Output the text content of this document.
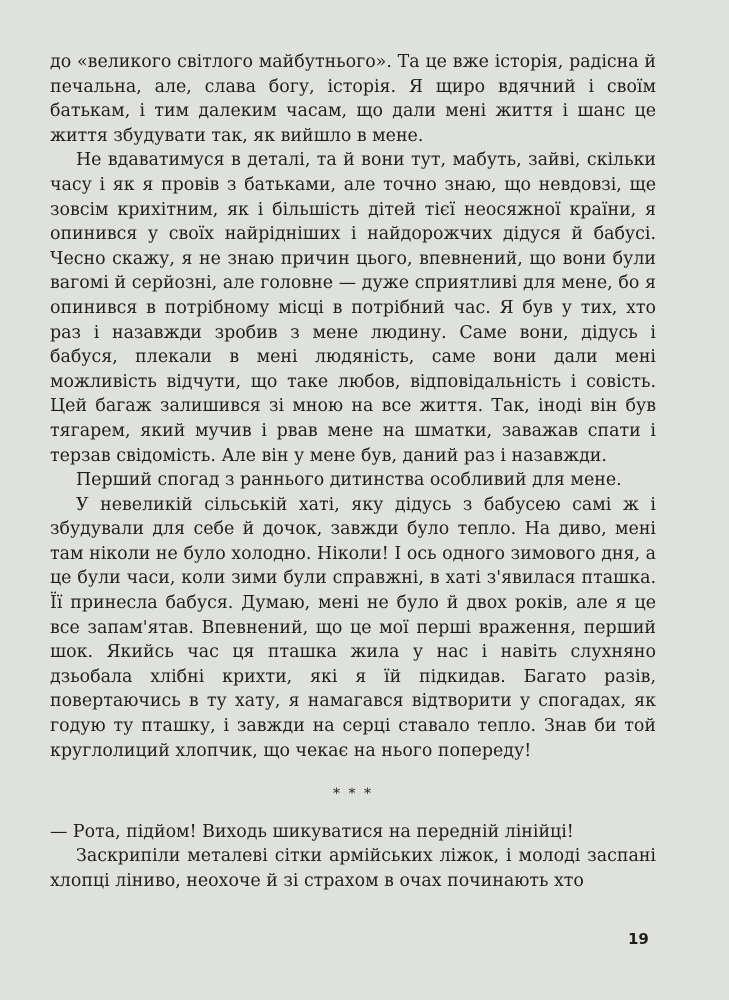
до «великого світлого майбутнього». Та це вже історія, радісна й печальна, але, слава богу, історія. Я щиро вдячний і своїм батькам, і тим далеким часам, що дали мені життя і шанс це життя збудувати так, як вийшло в мене.

Не вдаватимуся в деталі, та й вони тут, мабуть, зайві, скільки часу і як я провів з батьками, але точно знаю, що невдовзі, ще зовсім крихітним, як і більшість дітей тієї неосяжної країни, я опинився у своїх найрідніших і найдорожчих дідуся й бабусі. Чесно скажу, я не знаю причин цього, впевнений, що вони були вагомі й серйозні, але головне — дуже сприятливі для мене, бо я опинився в потрібному місці в потрібний час. Я був у тих, хто раз і назавжди зробив з мене людину. Саме вони, дідусь і бабуся, плекали в мені людяність, саме вони дали мені можливість відчути, що таке любов, відповідальність і совість. Цей багаж залишився зі мною на все життя. Так, іноді він був тягарем, який мучив і рвав мене на шматки, заважав спати і терзав свідомість. Але він у мене був, даний раз і назавжди.

Перший спогад з раннього дитинства особливий для мене.

У невеликій сільській хаті, яку дідусь з бабусею самі ж і збудували для себе й дочок, завжди було тепло. На диво, мені там ніколи не було холодно. Ніколи! І ось одного зимового дня, а це були часи, коли зими були справжні, в хаті з'явилася пташка. Її принесла бабуся. Думаю, мені не було й двох років, але я це все запам'ятав. Впевнений, що це мої перші враження, перший шок. Якийсь час ця пташка жила у нас і навіть слухняно дзьобала хлібні крихти, які я їй підкидав. Багато разів, повертаючись в ту хату, я намагався відтворити у спогадах, як годую ту пташку, і завжди на серці ставало тепло. Знав би той круглолиций хлопчик, що чекає на нього попереду!

* * *

— Рота, підйом! Виходь шикуватися на передній лінійці!

Заскрипіли металеві сітки армійських ліжок, і молоді заспані хлопці ліниво, неохоче й зі страхом в очах починають хто

19
